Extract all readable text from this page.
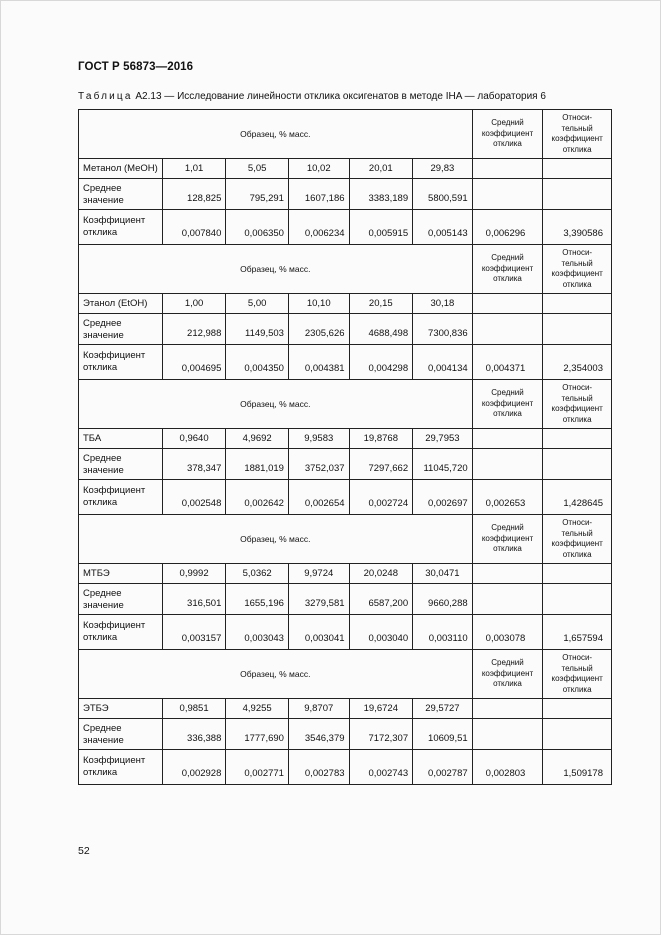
ГОСТ Р 56873—2016
Таблица А2.13 — Исследование линейности отклика оксигенатов в методе IHA — лаборатория 6
Образец, % масс.						Средний коэффициент отклика	Относи-тельный коэффициент отклика
Метанол (MeOH)	1,01	5,05	10,02	20,01	29,83		
Среднее значение	128,825	795,291	1607,186	3383,189	5800,591		
Коэффициент отклика	0,007840	0,006350	0,006234	0,005915	0,005143	0,006296	3,390586
Образец, % масс.						Средний коэффициент отклика	Относи-тельный коэффициент отклика
Этанол (EtOH)	1,00	5,00	10,10	20,15	30,18		
Среднее значение	212,988	1149,503	2305,626	4688,498	7300,836		
Коэффициент отклика	0,004695	0,004350	0,004381	0,004298	0,004134	0,004371	2,354003
Образец, % масс.						Средний коэффициент отклика	Относи-тельный коэффициент отклика
ТБА	0,9640	4,9692	9,9583	19,8768	29,7953		
Среднее значение	378,347	1881,019	3752,037	7297,662	11045,720		
Коэффициент отклика	0,002548	0,002642	0,002654	0,002724	0,002697	0,002653	1,428645
Образец, % масс.						Средний коэффициент отклика	Относи-тельный коэффициент отклика
МТБЭ	0,9992	5,0362	9,9724	20,0248	30,0471		
Среднее значение	316,501	1655,196	3279,581	6587,200	9660,288		
Коэффициент отклика	0,003157	0,003043	0,003041	0,003040	0,003110	0,003078	1,657594
Образец, % масс.						Средний коэффициент отклика	Относи-тельный коэффициент отклика
ЭТБЭ	0,9851	4,9255	9,8707	19,6724	29,5727		
Среднее значение	336,388	1777,690	3546,379	7172,307	10609,51		
Коэффициент отклика	0,002928	0,002771	0,002783	0,002743	0,002787	0,002803	1,509178
52
